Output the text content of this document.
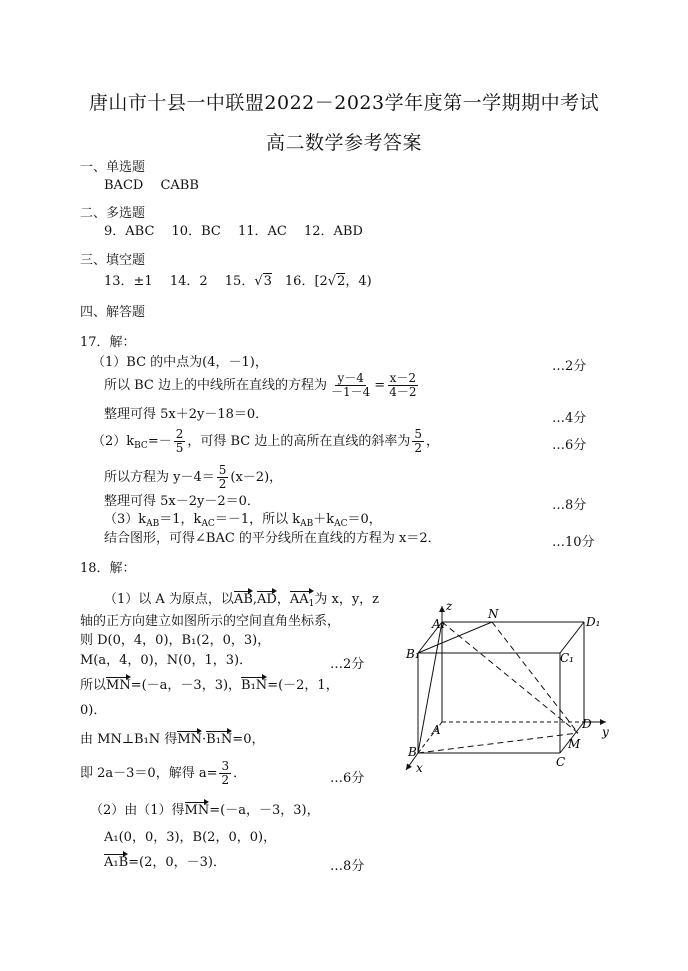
唐山市十县一中联盟2022－2023学年度第一学期期中考试
高二数学参考答案
一、单选题
BACD　 CABB
二、多选题
9．ABC　 10．BC　 11．AC　 12．ABD
三、填空题
13．±1　 14．2　 15．√3　16．[2√2，4)
四、解答题
17．解：
（1）BC 的中点为(4，－1)，	…2分
所以 BC 边上的中线所在直线的方程为 $\frac{y-4}{-1-4} = \frac{x-2}{4-2}$
整理可得 5x＋2y－18＝0．	…4分
$(2)k_{BC}=- \frac{2}{5}$ ，可得 BC 边上的高所在直线的斜率为 $\frac{5}{2}$ ，	…6分
所以方程为 $y-4= \frac{5}{2} (x-2)$，
整理可得 5x－2y－2＝0．	…8分
$(3)k_{AB}=1$，$k_{AC}=-1$，所以 $k_{AB}+k_{AC}=0$，
结合图形，可得∠BAC 的平分线所在直线的方程为 x＝2．	…10分
18．解：
（1）以 A 为原点，以AB,AD，$AA_1$为 x，y，z
轴的正方向建立如图所示的空间直角坐标系，
则 D(0，4，0)，B₁(2，0，3)，
M(a，4，0)，N(0，1，3)．	…2分
所以MN=(－a，－3，3)，B₁N=(－2，1，
0)．
由 MN⊥B₁N 得MN·B₁N=0，
即 2a－3＝0，解得 $a= \frac{3}{2}$ ．	…6分
（2）由（1）得MN=(－a，－3，3)，
A₁(0，0，3)，B(2，0，0)，
A₁B=(2，0，－3)．	…8分
A₁
N
D₁
B₁	C₁
A	D
B
M
C
x
y
z
